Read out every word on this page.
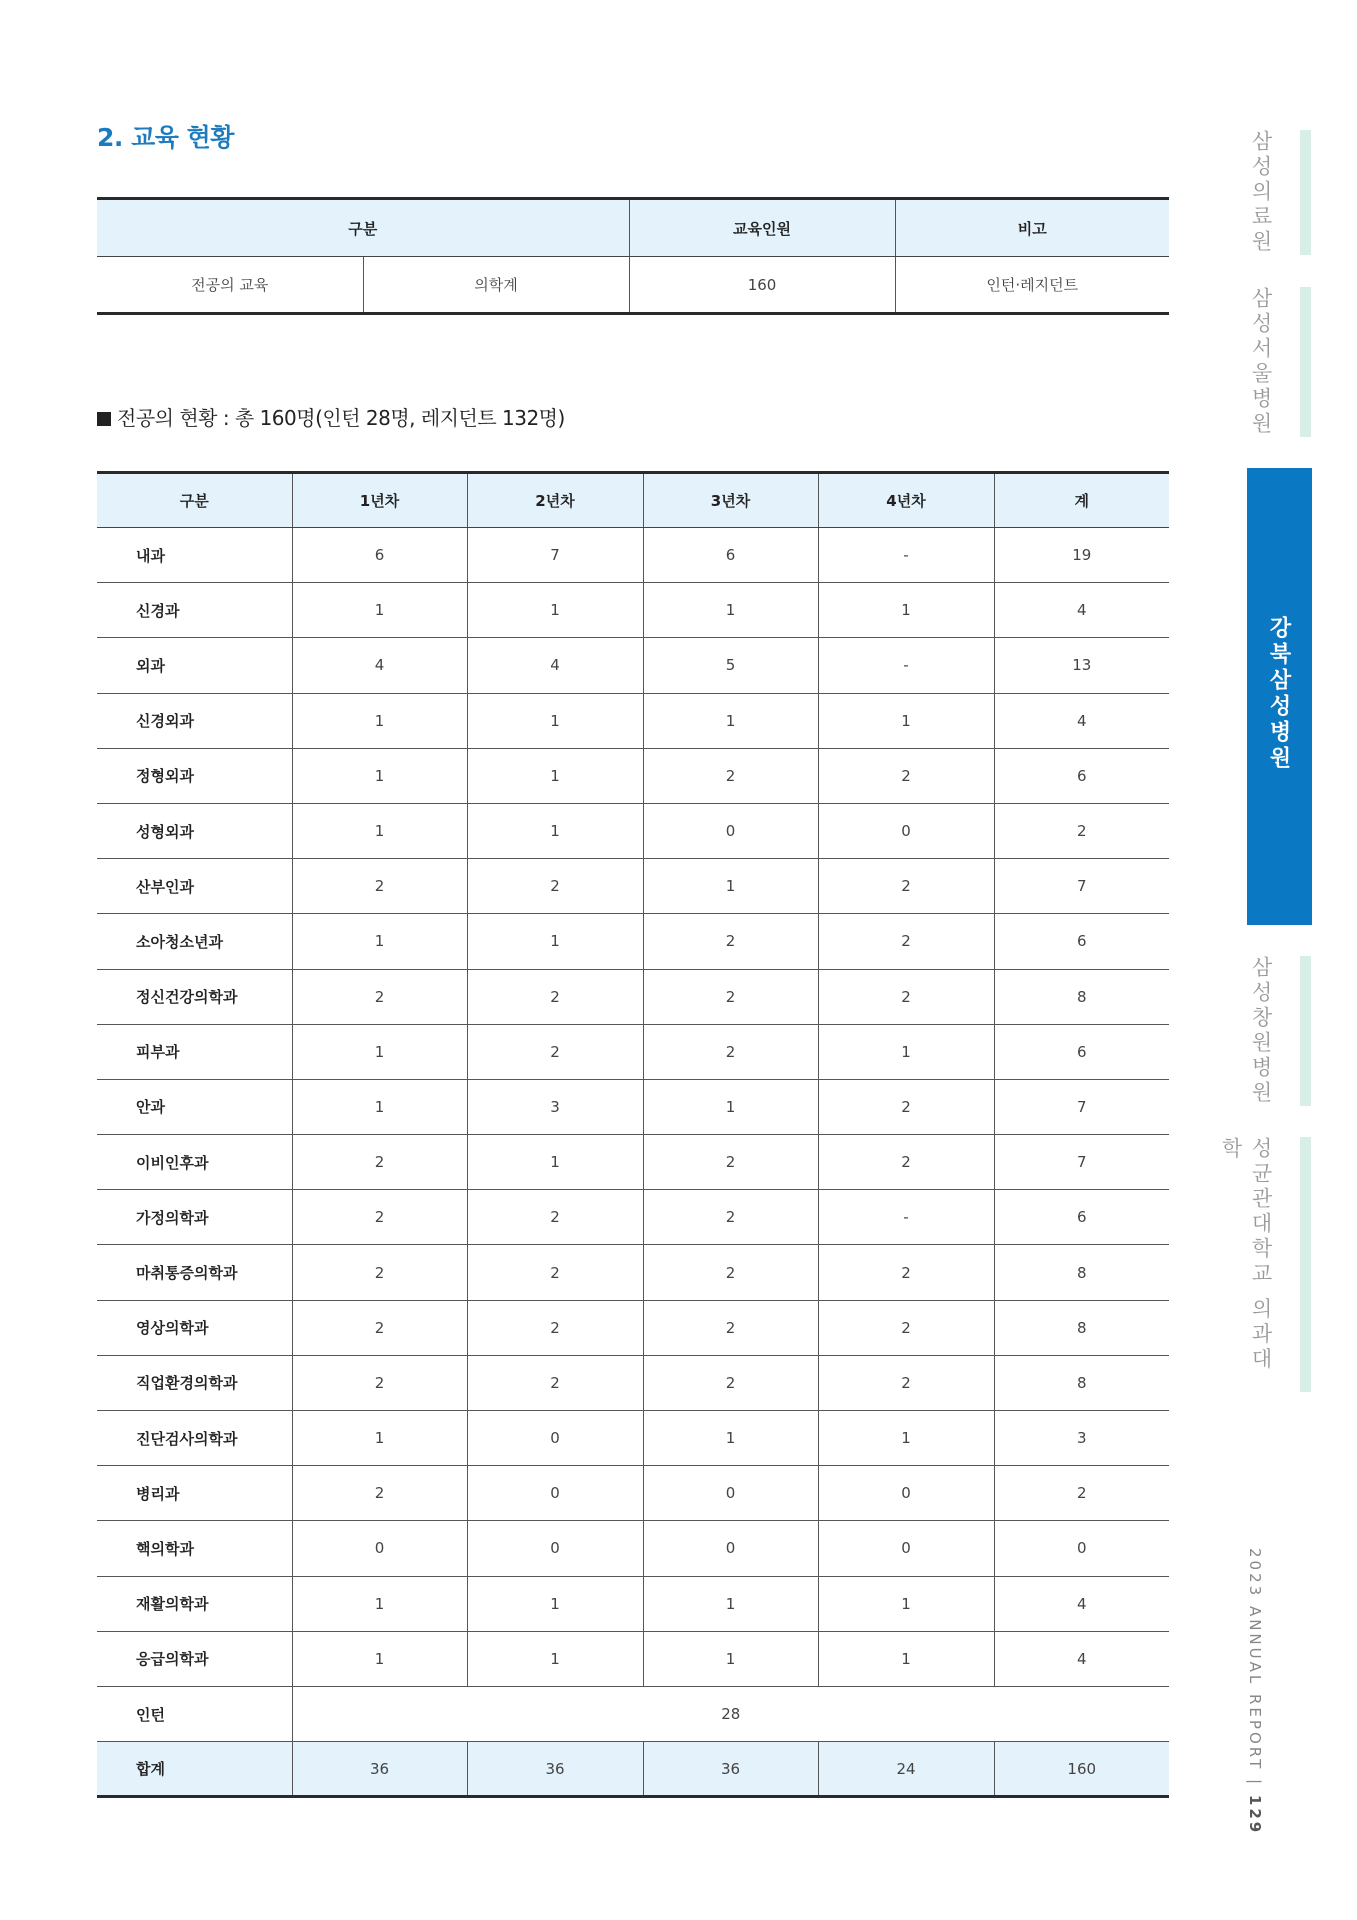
2. 교육 현황
구분		교육인원	비고
전공의 교육	의학계	160	인턴·레지던트
전공의 현황 : 총 160명(인턴 28명, 레지던트 132명)
구분	1년차	2년차	3년차	4년차	계
내과	6	7	6	-	19
신경과	1	1	1	1	4
외과	4	4	5	-	13
신경외과	1	1	1	1	4
정형외과	1	1	2	2	6
성형외과	1	1	0	0	2
산부인과	2	2	1	2	7
소아청소년과	1	1	2	2	6
정신건강의학과	2	2	2	2	8
피부과	1	2	2	1	6
안과	1	3	1	2	7
이비인후과	2	1	2	2	7
가정의학과	2	2	2	-	6
마취통증의학과	2	2	2	2	8
영상의학과	2	2	2	2	8
직업환경의학과	2	2	2	2	8
진단검사의학과	1	0	1	1	3
병리과	2	0	0	0	2
핵의학과	0	0	0	0	0
재활의학과	1	1	1	1	4
응급의학과	1	1	1	1	4
인턴	28				
합계	36	36	36	24	160
삼성의료원
삼성서울병원
강북삼성병원
삼성창원병원
성균관대학교 의과대학
2023 ANNUAL REPORT | 129
